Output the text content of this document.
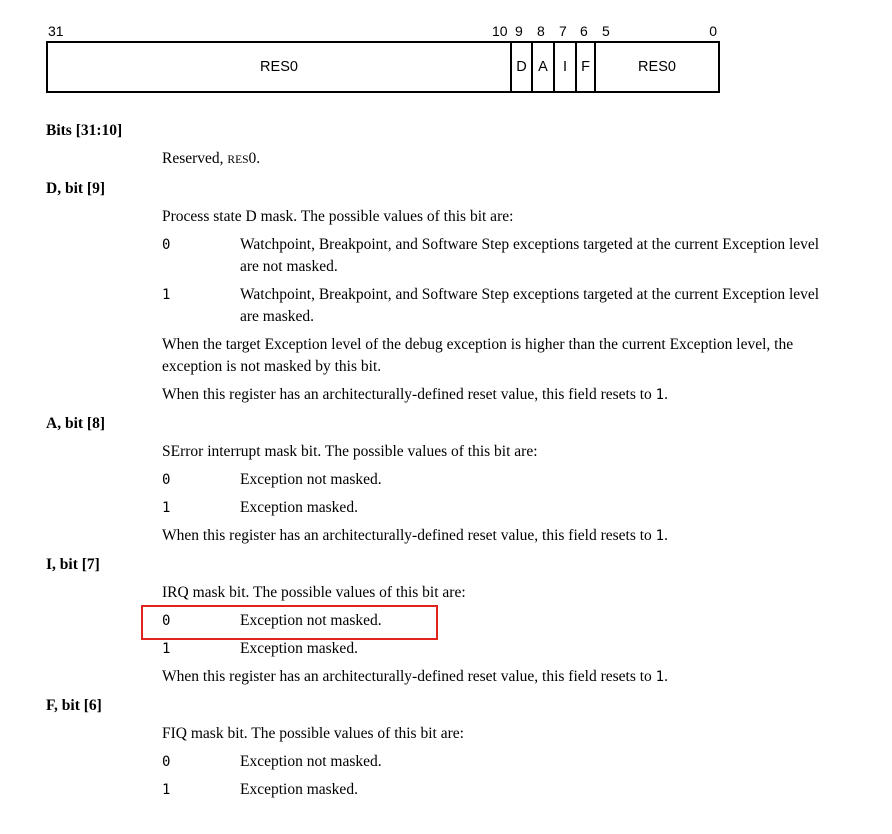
31	10 9 8 7 6 5	0
RES0	D A I F	RES0
Bits [31:10]

Reserved, RES0.

D, bit [9]

Process state D mask. The possible values of this bit are:

0	Watchpoint, Breakpoint, and Software Step exceptions targeted at the current Exception level are not masked.
1	Watchpoint, Breakpoint, and Software Step exceptions targeted at the current Exception level are masked.

When the target Exception level of the debug exception is higher than the current Exception level, the exception is not masked by this bit.

When this register has an architecturally-defined reset value, this field resets to 1.

A, bit [8]

SError interrupt mask bit. The possible values of this bit are:

0	Exception not masked.
1	Exception masked.

When this register has an architecturally-defined reset value, this field resets to 1.

I, bit [7]

IRQ mask bit. The possible values of this bit are:

0	Exception not masked.
1	Exception masked.

When this register has an architecturally-defined reset value, this field resets to 1.

F, bit [6]

FIQ mask bit. The possible values of this bit are:

0	Exception not masked.
1	Exception masked.
